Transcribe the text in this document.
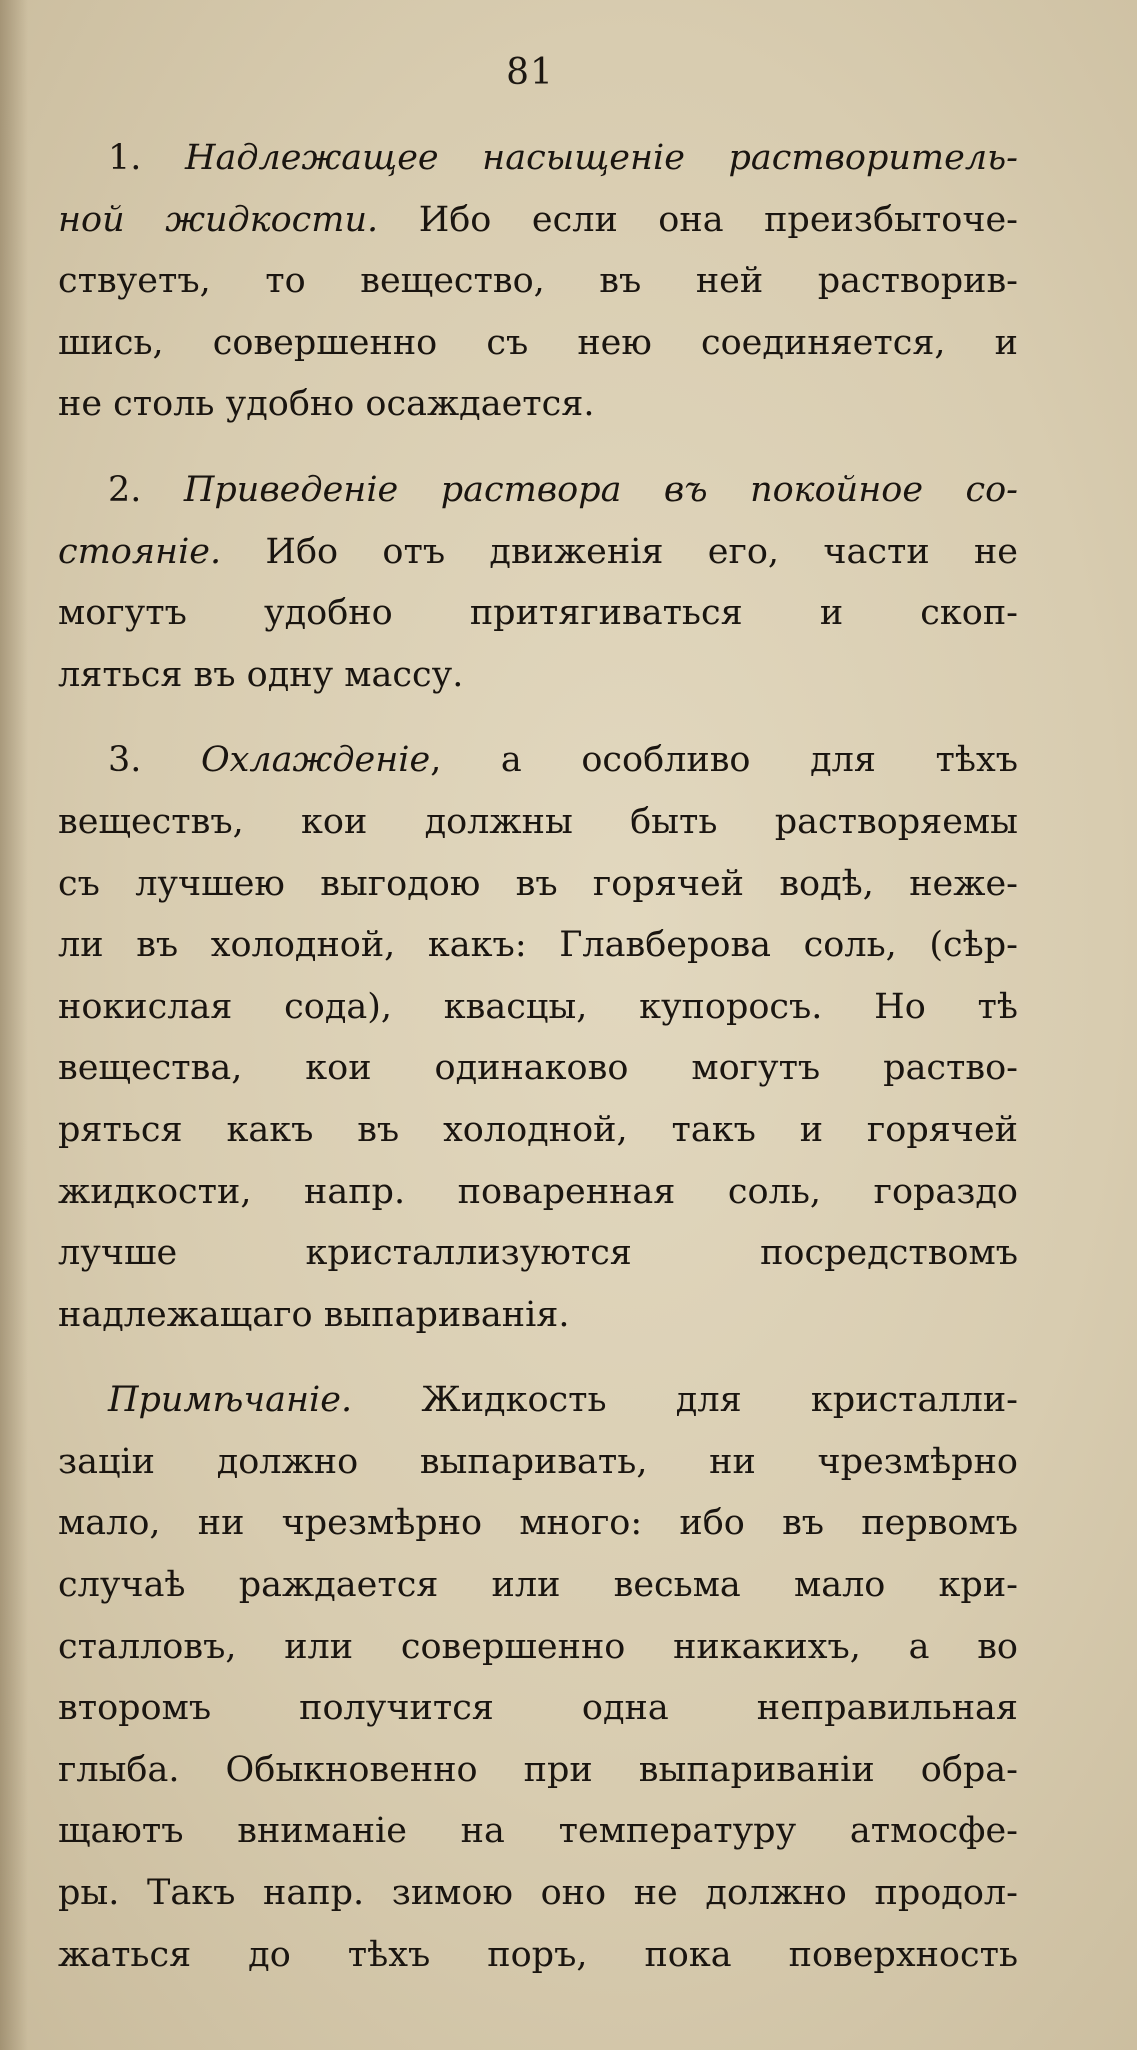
81

1. Надлежащее насыщеніе растворитель-
ной жидкости. Ибо если она преизбыточе-
ствуетъ, то вещество, въ ней растворив-
шись, совершенно съ нею соединяется, и
не столь удобно осаждается.

2. Приведеніе раствора въ покойное со-
стояніе. Ибо отъ движенія его, части не
могутъ удобно притягиваться и скоп-
ляться въ одну массу.

3. Охлажденіе, а особливо для тѣхъ
веществъ, кои должны быть растворяемы
съ лучшею выгодою въ горячей водѣ, неже-
ли въ холодной, какъ: Главберова соль, (сѣр-
нокислая сода), квасцы, купоросъ. Но тѣ
вещества, кои одинаково могутъ раство-
ряться какъ въ холодной, такъ и горячей
жидкости, напр. поваренная соль, гораздо
лучше кристаллизуются посредствомъ
надлежащаго выпариванія.

Примѣчаніе. Жидкость для кристалли-
заціи должно выпаривать, ни чрезмѣрно
мало, ни чрезмѣрно много: ибо въ первомъ
случаѣ раждается или весьма мало кри-
сталловъ, или совершенно никакихъ, а во
второмъ получится одна неправильная
глыба. Обыкновенно при выпариваніи обра-
щаютъ вниманіе на температуру атмосфе-
ры. Такъ напр. зимою оно не должно продол-
жаться до тѣхъ поръ, пока поверхность
